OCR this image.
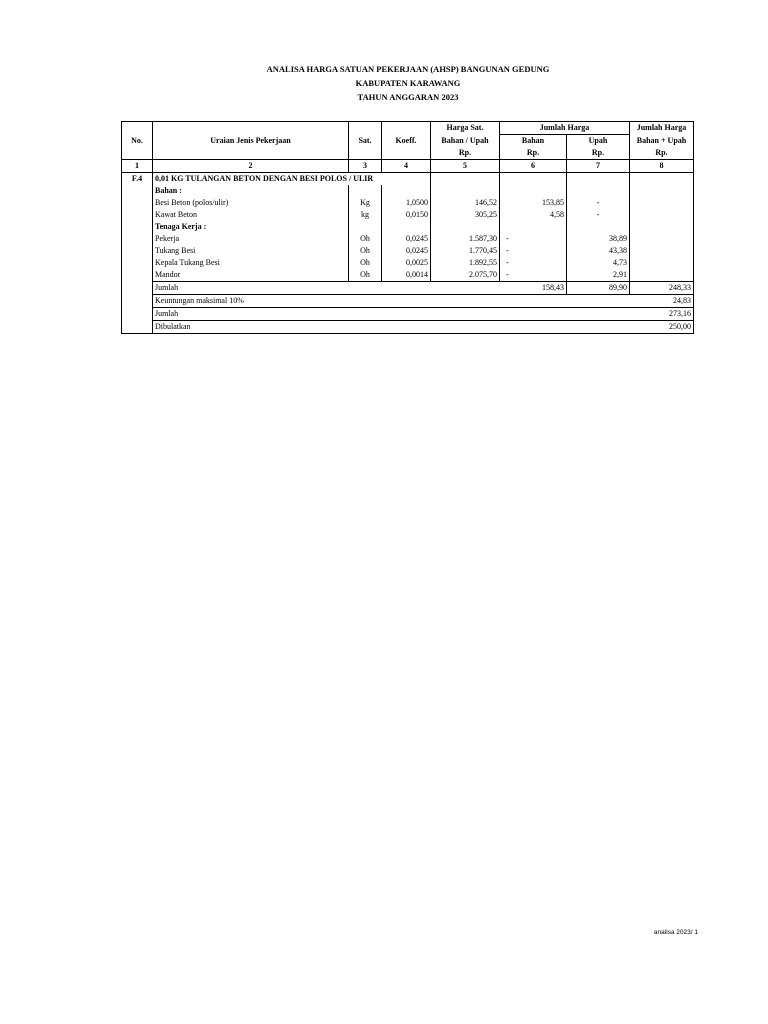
ANALISA HARGA SATUAN PEKERJAAN (AHSP) BANGUNAN GEDUNG
KABUPATEN KARAWANG
TAHUN ANGGARAN 2023
No.	Uraian Jenis Pekerjaan	Sat.	Koeff.	Harga Sat.	Jumlah Harga		Jumlah Harga
				Bahan / Upah	Bahan	Upah	Bahan + Upah
				Rp.	Rp.	Rp.	Rp.
1	2	3	4	5	6	7	8
F.4	0,01 KG TULANGAN BETON DENGAN BESI POLOS / ULIR						
	Bahan :						
	Besi Beton (polos/ulir)	Kg	1,0500	146,52	153,85	-	
	Kawat Beton	kg	0,0150	305,25	4,58	-	
	Tenaga Kerja :						
	Pekerja	Oh	0,0245	1.587,30	-	38,89	
	Tukang Besi	Oh	0,0245	1.770,45	-	43,38	
	Kepala Tukang Besi	Oh	0,0025	1.892,55	-	4,73	
	Mandor	Oh	0,0014	2.075,70	-	2,91	
	Jumlah				158,43	89,90	248,33
	Keuntungan maksimal 10%						24,83
	Jumlah						273,16
	Dibulatkan						250,00
analisa 2023/ 1
